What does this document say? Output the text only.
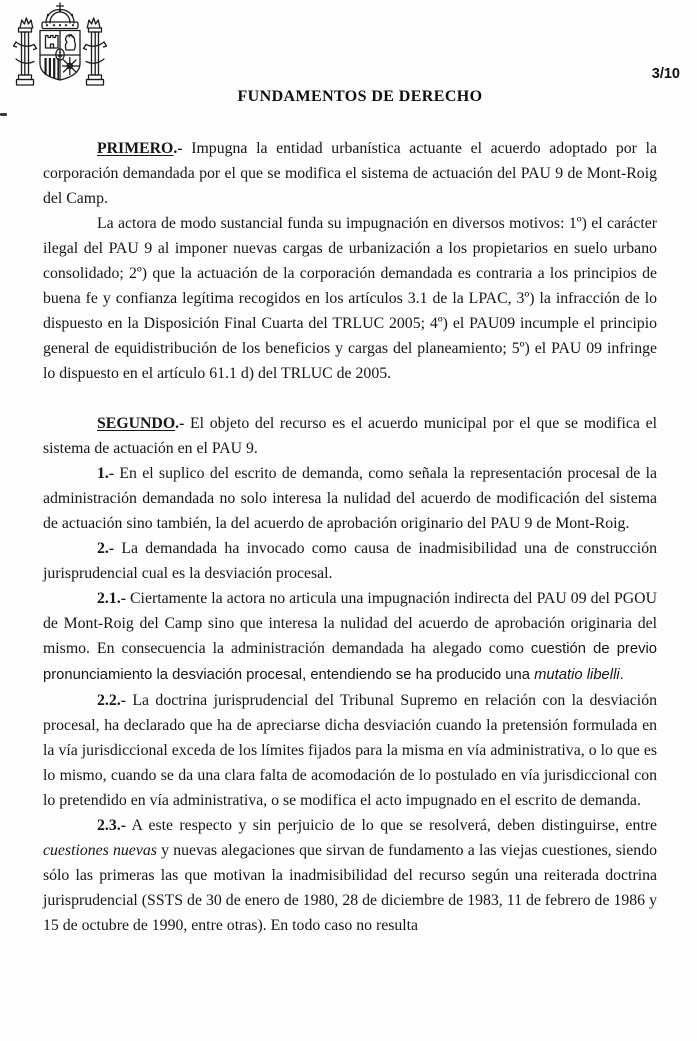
3/10
FUNDAMENTOS DE DERECHO

PRIMERO.- Impugna la entidad urbanística actuante el acuerdo adoptado por la corporación demandada por el que se modifica el sistema de actuación del PAU 9 de Mont-Roig del Camp.

La actora de modo sustancial funda su impugnación en diversos motivos: 1º) el carácter ilegal del PAU 9 al imponer nuevas cargas de urbanización a los propietarios en suelo urbano consolidado; 2º) que la actuación de la corporación demandada es contraria a los principios de buena fe y confianza legítima recogidos en los artículos 3.1 de la LPAC, 3º) la infracción de lo dispuesto en la Disposición Final Cuarta del TRLUC 2005; 4º) el PAU09 incumple el principio general de equidistribución de los beneficios y cargas del planeamiento; 5º) el PAU 09 infringe lo dispuesto en el artículo 61.1 d) del TRLUC de 2005.

SEGUNDO.- El objeto del recurso es el acuerdo municipal por el que se modifica el sistema de actuación en el PAU 9.

1.- En el suplico del escrito de demanda, como señala la representación procesal de la administración demandada no solo interesa la nulidad del acuerdo de modificación del sistema de actuación sino también, la del acuerdo de aprobación originario del PAU 9 de Mont-Roig.

2.- La demandada ha invocado como causa de inadmisibilidad una de construcción jurisprudencial cual es la desviación procesal.

2.1.- Ciertamente la actora no articula una impugnación indirecta del PAU 09 del PGOU de Mont-Roig del Camp sino que interesa la nulidad del acuerdo de aprobación originaria del mismo. En consecuencia la administración demandada ha alegado como cuestión de previo pronunciamiento la desviación procesal, entendiendo se ha producido una mutatio libelli.

2.2.- La doctrina jurisprudencial del Tribunal Supremo en relación con la desviación procesal, ha declarado que ha de apreciarse dicha desviación cuando la pretensión formulada en la vía jurisdiccional exceda de los límites fijados para la misma en vía administrativa, o lo que es lo mismo, cuando se da una clara falta de acomodación de lo postulado en vía jurisdiccional con lo pretendido en vía administrativa, o se modifica el acto impugnado en el escrito de demanda.

2.3.- A este respecto y sin perjuicio de lo que se resolverá, deben distinguirse, entre cuestiones nuevas y nuevas alegaciones que sirvan de fundamento a las viejas cuestiones, siendo sólo las primeras las que motivan la inadmisibilidad del recurso según una reiterada doctrina jurisprudencial (SSTS de 30 de enero de 1980, 28 de diciembre de 1983, 11 de febrero de 1986 y 15 de octubre de 1990, entre otras). En todo caso no resulta
